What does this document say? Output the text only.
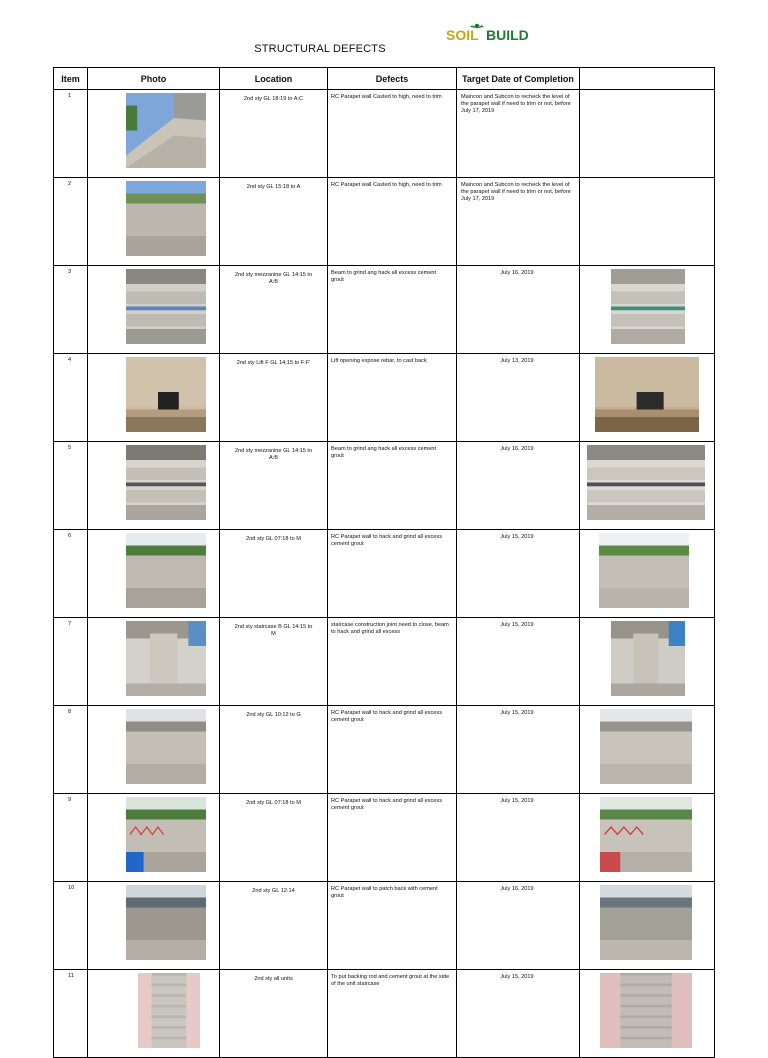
STRUCTURAL DEFECTS
SOIL BUILD
Item	Photo	Location	Defects	Target Date of Completion	
1		2nd sty GL 18:19 to A:C	RC Parapet wall Casted to high, need to trim	Maincon and Subcon to recheck the level of the parapet wall if need to trim or not, before July 17, 2019	
2		2nd sty GL 15:18 to A	RC Parapet wall Casted to high, need to trim	Maincon and Subcon to recheck the level of the parapet wall if need to trim or not, before July 17, 2019	
3		2nd sty mezzanine GL 14:15 to A:B	Beam to grind ang hack all excess cement grout	July 16, 2019	

4		2nd sty Lift F GL 14;15 to F:F'	Lift opening expose rebar, to cast back	July 13, 2019	

5		2nd sty mezzanine GL 14:15 to A:B	Beam to grind ang hack all excess cement grout	July 16, 2019	

6		2nd sty GL 07:18 to M	RC Parapet wall to hack and grind all excess cement grout	July 15, 2019	

7		2nd sty staircase B GL 14:15 to M	staircase construction joint need to close, beam to hack and grind all excess	July 15, 2019	

8		2nd sty GL 10:12 to G	RC Parapet wall to hack and grind all excess cement grout	July 15, 2019	

9		2nd sty GL 07:18 to M	RC Parapet wall to hack and grind all excess cement grout	July 15, 2019	

10		2nd sty GL 12:14	RC Parapet wall to patch back with cement grout	July 16, 2019	

11		2nd sty all units	To put backing rod and cement grout at the side of the unit staircase	July 15, 2019	
